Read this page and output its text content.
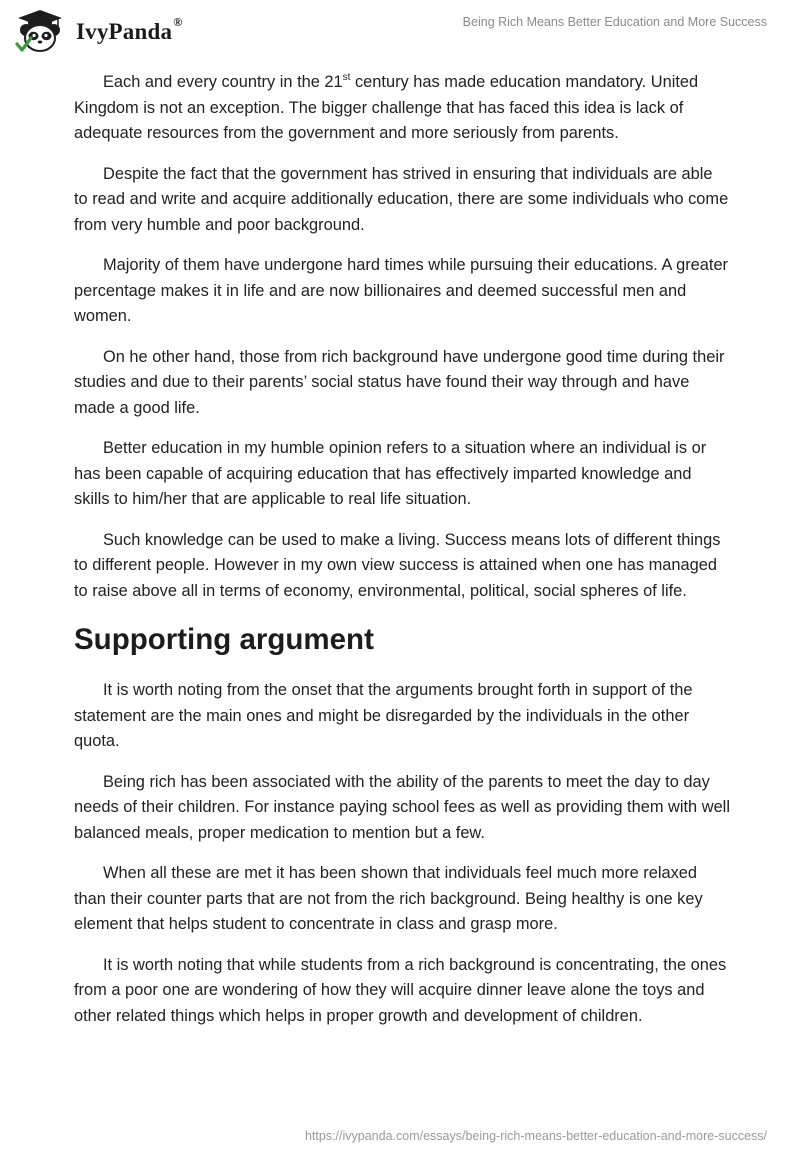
IvyPanda®	Being Rich Means Better Education and More Success

Each and every country in the 21st century has made education mandatory. United Kingdom is not an exception. The bigger challenge that has faced this idea is lack of adequate resources from the government and more seriously from parents.

Despite the fact that the government has strived in ensuring that individuals are able to read and write and acquire additionally education, there are some individuals who come from very humble and poor background.

Majority of them have undergone hard times while pursuing their educations. A greater percentage makes it in life and are now billionaires and deemed successful men and women.

On he other hand, those from rich background have undergone good time during their studies and due to their parents’ social status have found their way through and have made a good life.

Better education in my humble opinion refers to a situation where an individual is or has been capable of acquiring education that has effectively imparted knowledge and skills to him/her that are applicable to real life situation.

Such knowledge can be used to make a living. Success means lots of different things to different people. However in my own view success is attained when one has managed to raise above all in terms of economy, environmental, political, social spheres of life.

Supporting argument

It is worth noting from the onset that the arguments brought forth in support of the statement are the main ones and might be disregarded by the individuals in the other quota.

Being rich has been associated with the ability of the parents to meet the day to day needs of their children. For instance paying school fees as well as providing them with well balanced meals, proper medication to mention but a few.

When all these are met it has been shown that individuals feel much more relaxed than their counter parts that are not from the rich background. Being healthy is one key element that helps student to concentrate in class and grasp more.

It is worth noting that while students from a rich background is concentrating, the ones from a poor one are wondering of how they will acquire dinner leave alone the toys and other related things which helps in proper growth and development of children.

https://ivypanda.com/essays/being-rich-means-better-education-and-more-success/
